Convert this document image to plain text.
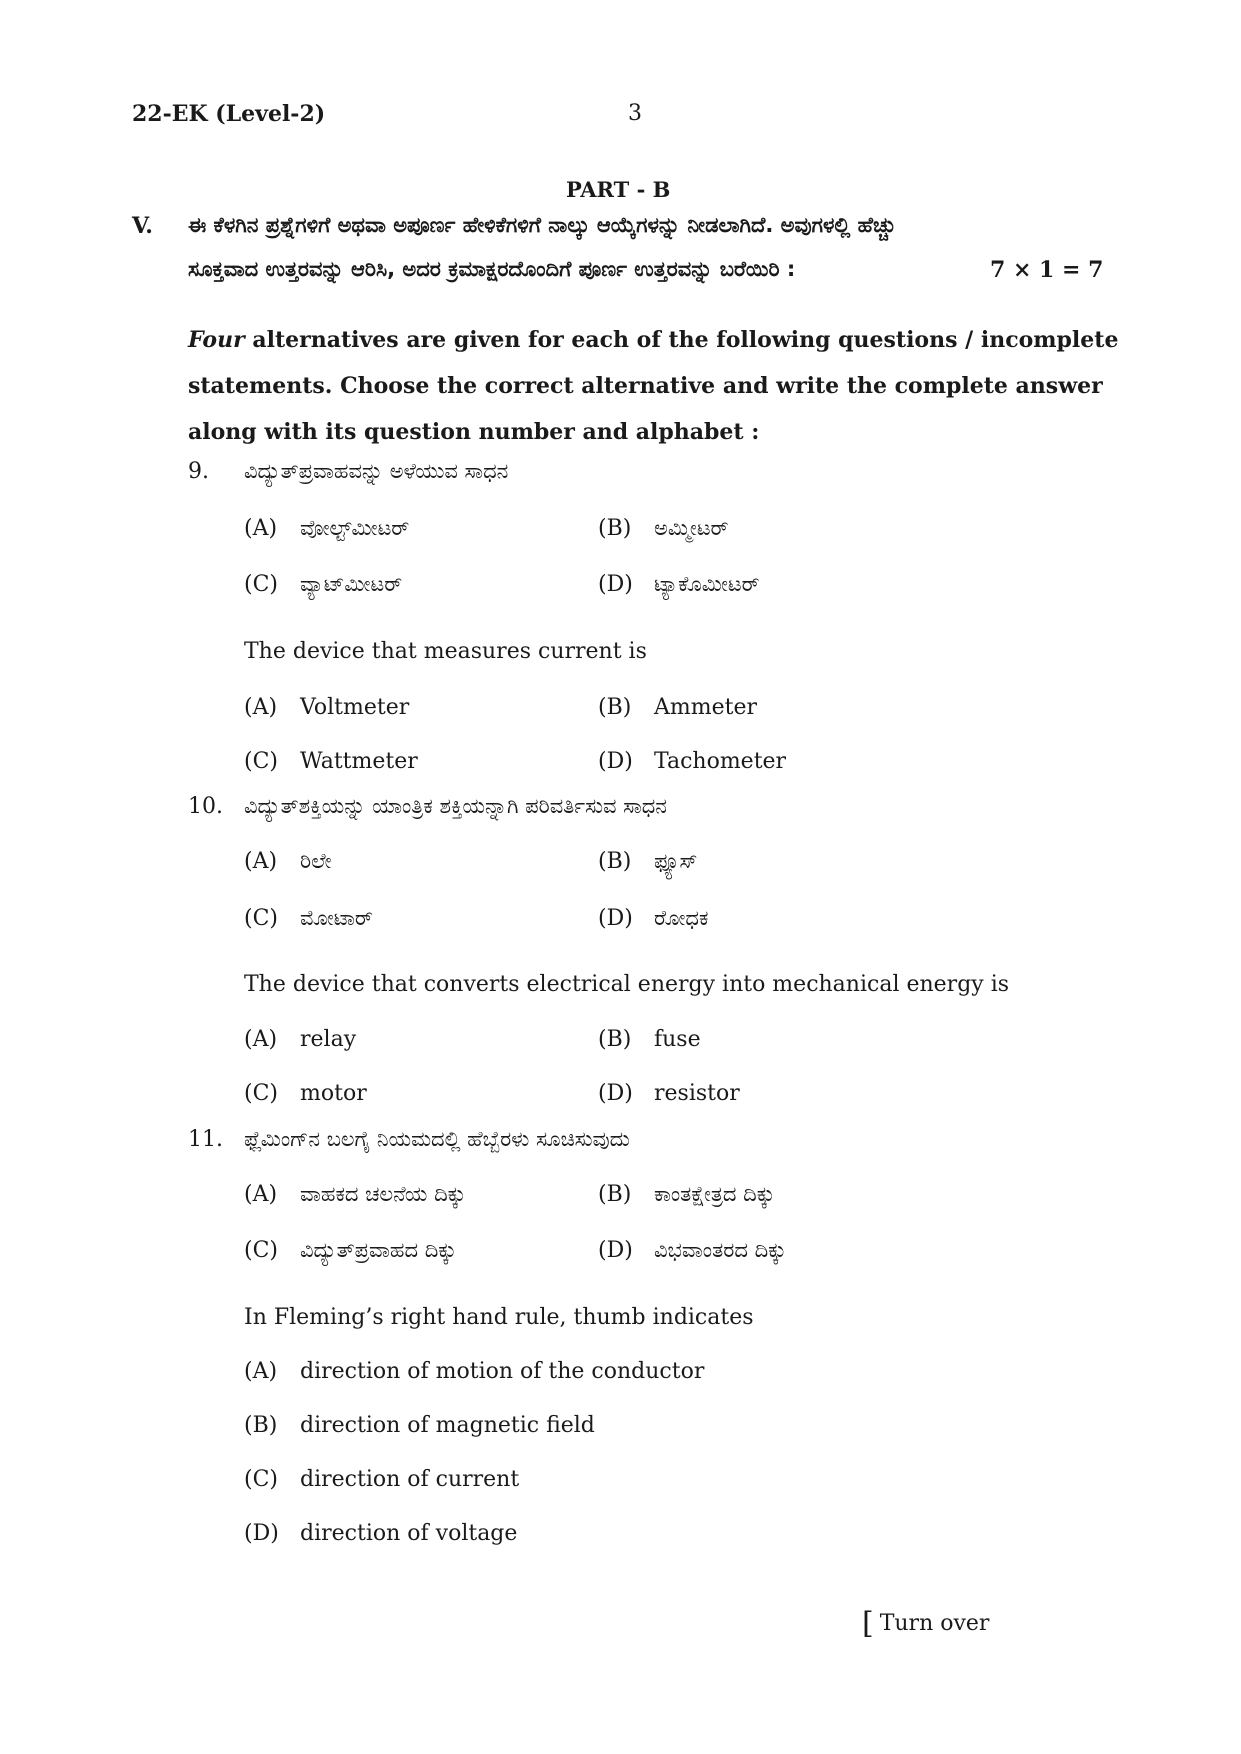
22-EK (Level-2)	3
PART - B
V. ಈ ಕೆಳಗಿನ ಪ್ರಶ್ನೆಗಳಿಗೆ ಅಥವಾ ಅಪೂರ್ಣ ಹೇಳಿಕೆಗಳಿಗೆ ನಾಲ್ಕು ಆಯ್ಕೆಗಳನ್ನು ನೀಡಲಾಗಿದೆ. ಅವುಗಳಲ್ಲಿ ಹೆಚ್ಚು
ಸೂಕ್ತವಾದ ಉತ್ತರವನ್ನು ಆರಿಸಿ, ಅದರ ಕ್ರಮಾಕ್ಷರದೊಂದಿಗೆ ಪೂರ್ಣ ಉತ್ತರವನ್ನು ಬರೆಯಿರಿ :	7 × 1 = 7

Four alternatives are given for each of the following questions / incomplete

statements. Choose the correct alternative and write the complete answer

along with its question number and alphabet :

9. ವಿದ್ಯುತ್‌ಪ್ರವಾಹವನ್ನು ಅಳೆಯುವ ಸಾಧನ
(A) ವೋಲ್ಟ್‌ಮೀಟರ್	(B) ಅಮ್ಮೀಟರ್
(C) ವ್ಯಾಟ್‌ಮೀಟರ್	(D) ಟ್ಯಾಕೊಮೀಟರ್
The device that measures current is
(A) Voltmeter	(B) Ammeter
(C) Wattmeter	(D) Tachometer
10. ವಿದ್ಯುತ್‌ಶಕ್ತಿಯನ್ನು ಯಾಂತ್ರಿಕ ಶಕ್ತಿಯನ್ನಾಗಿ ಪರಿವರ್ತಿಸುವ ಸಾಧನ
(A) ರಿಲೇ	(B) ಫ್ಯೂಸ್
(C) ಮೋಟಾರ್	(D) ರೋಧಕ
The device that converts electrical energy into mechanical energy is
(A) relay	(B) fuse
(C) motor	(D) resistor
11. ಫ್ಲೆಮಿಂಗ್‌ನ ಬಲಗೈ ನಿಯಮದಲ್ಲಿ ಹೆಬ್ಬೆರಳು ಸೂಚಿಸುವುದು
(A) ವಾಹಕದ ಚಲನೆಯ ದಿಕ್ಕು	(B) ಕಾಂತಕ್ಷೇತ್ರದ ದಿಕ್ಕು
(C) ವಿದ್ಯುತ್‌ಪ್ರವಾಹದ ದಿಕ್ಕು	(D) ವಿಭವಾಂತರದ ದಿಕ್ಕು
In Fleming’s right hand rule, thumb indicates
(A) direction of motion of the conductor
(B) direction of magnetic field
(C) direction of current
(D) direction of voltage
[ Turn over
